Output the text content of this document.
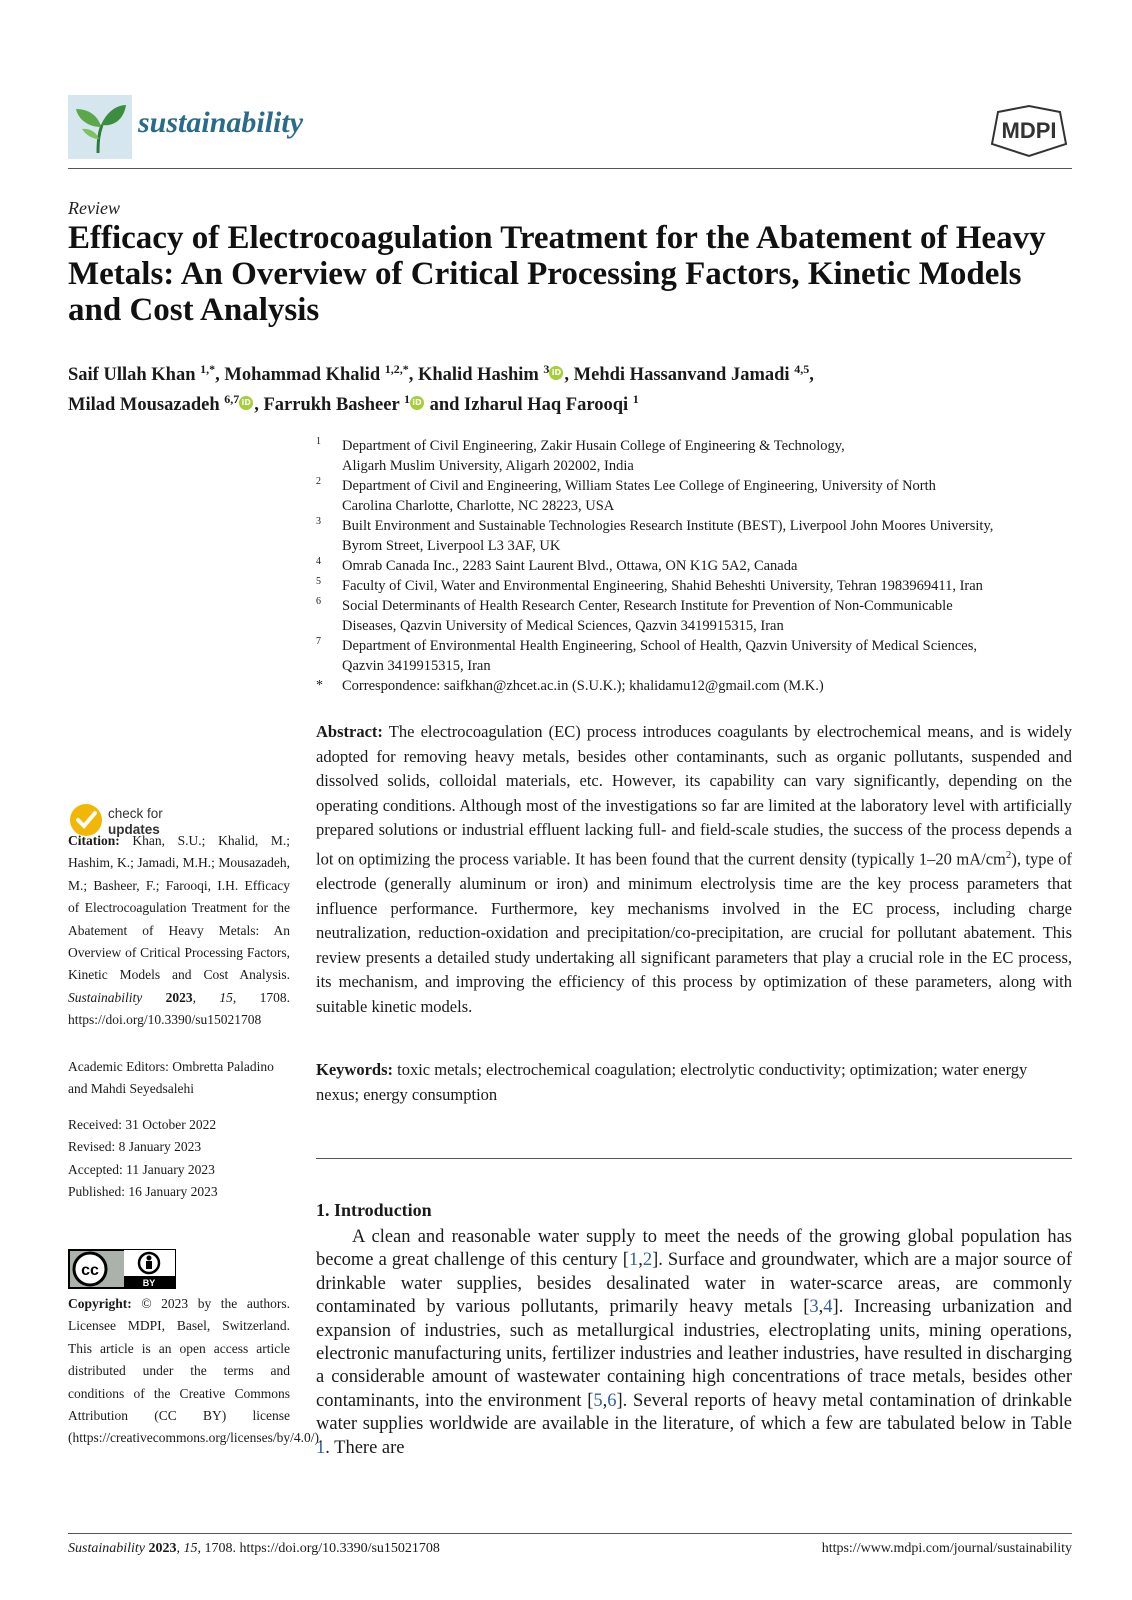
sustainability	MDPI
Review
Efficacy of Electrocoagulation Treatment for the Abatement of Heavy Metals: An Overview of Critical Processing Factors, Kinetic Models and Cost Analysis
Saif Ullah Khan $^{1,*}$, Mohammad Khalid $^{1,2,*}$, Khalid Hashim $^3$ iD , Mehdi Hassanvand Jamadi $^{4,5}$,
Milad Mousazadeh $^{6,7}$ iD , Farrukh Basheer $^1$ iD and Izharul Haq Farooqi $^1$
1 Department of Civil Engineering, Zakir Husain College of Engineering & Technology,
Aligarh Muslim University, Aligarh 202002, India
2 Department of Civil and Engineering, William States Lee College of Engineering, University of North
Carolina Charlotte, Charlotte, NC 28223, USA
3 Built Environment and Sustainable Technologies Research Institute (BEST), Liverpool John Moores University,
Byrom Street, Liverpool L3 3AF, UK
4 Omrab Canada Inc., 2283 Saint Laurent Blvd., Ottawa, ON K1G 5A2, Canada
5 Faculty of Civil, Water and Environmental Engineering, Shahid Beheshti University, Tehran 1983969411, Iran
6 Social Determinants of Health Research Center, Research Institute for Prevention of Non-Communicable
Diseases, Qazvin University of Medical Sciences, Qazvin 3419915315, Iran
7 Department of Environmental Health Engineering, School of Health, Qazvin University of Medical Sciences,
Qazvin 3419915315, Iran
* Correspondence: saifkhan@zhcet.ac.in (S.U.K.); khalidamu12@gmail.com (M.K.)
Abstract: The electrocoagulation (EC) process introduces coagulants by electrochemical means, and is widely adopted for removing heavy metals, besides other contaminants, such as organic pollutants, suspended and dissolved solids, colloidal materials, etc. However, its capability can vary significantly, depending on the operating conditions. Although most of the investigations so far are limited at the laboratory level with artificially prepared solutions or industrial effluent lacking full- and field-scale studies, the success of the process depends a lot on optimizing the process variable. It has been found that the current density (typically 1–20 $mA/cm^2$), type of electrode (generally aluminum or iron) and minimum electrolysis time are the key process parameters that influence performance. Furthermore, key mechanisms involved in the EC process, including charge neutralization, reduction-oxidation and precipitation/co-precipitation, are crucial for pollutant abatement. This review presents a detailed study undertaking all significant parameters that play a crucial role in the EC process, its mechanism, and improving the efficiency of this process by optimization of these parameters, along with suitable kinetic models.
Keywords: toxic metals; electrochemical coagulation; electrolytic conductivity; optimization; water energy nexus; energy consumption
1. Introduction
A clean and reasonable water supply to meet the needs of the growing global population has become a great challenge of this century [1,2]. Surface and groundwater, which are a major source of drinkable water supplies, besides desalinated water in water-scarce areas, are commonly contaminated by various pollutants, primarily heavy metals [3,4]. Increasing urbanization and expansion of industries, such as metallurgical industries, electroplating units, mining operations, electronic manufacturing units, fertilizer industries and leather industries, have resulted in discharging a considerable amount of wastewater containing high concentrations of trace metals, besides other contaminants, into the environment [5,6]. Several reports of heavy metal contamination of drinkable water supplies worldwide are available in the literature, of which a few are tabulated below in Table 1. There are
check for
updates
Citation: Khan, S.U.; Khalid, M.; Hashim, K.; Jamadi, M.H.; Mousazadeh, M.; Basheer, F.; Farooqi, I.H. Efficacy of Electrocoagulation Treatment for the Abatement of Heavy Metals: An Overview of Critical Processing Factors, Kinetic Models and Cost Analysis. Sustainability 2023, 15, 1708. https://doi.org/10.3390/su15021708
Academic Editors: Ombretta Paladino and Mahdi Seyedsalehi
Received: 31 October 2022
Revised: 8 January 2023
Accepted: 11 January 2023
Published: 16 January 2023
cc
BY
Copyright: © 2023 by the authors. Licensee MDPI, Basel, Switzerland. This article is an open access article distributed under the terms and conditions of the Creative Commons Attribution (CC BY) license (https://creativecommons.org/licenses/by/4.0/).
Sustainability 2023, 15, 1708. https://doi.org/10.3390/su15021708	https://www.mdpi.com/journal/sustainability
